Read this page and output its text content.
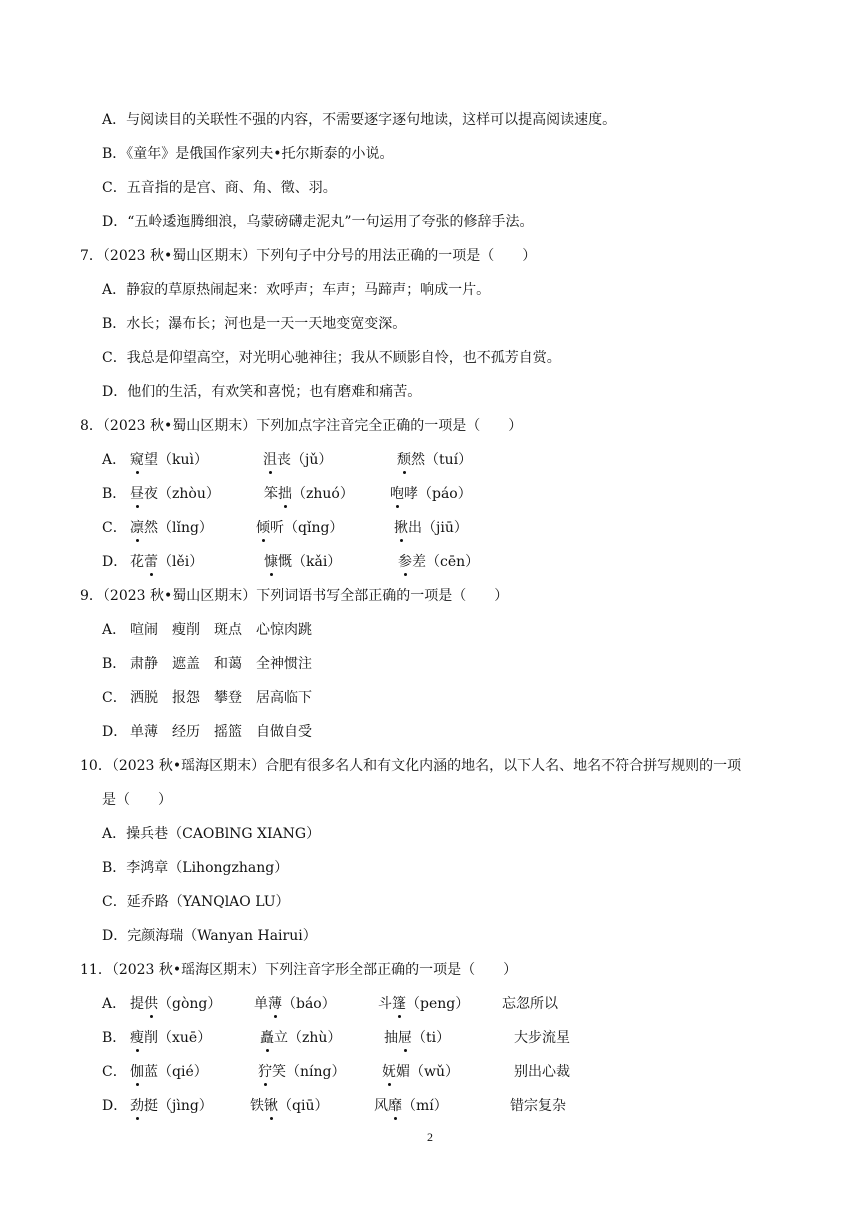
A．与阅读目的关联性不强的内容，不需要逐字逐句地读，这样可以提高阅读速度。
B．《童年》是俄国作家列夫•托尔斯泰的小说。
C．五音指的是宫、商、角、徵、羽。
D．“五岭逶迤腾细浪，乌蒙磅礴走泥丸”一句运用了夸张的修辞手法。
7．（2023 秋•蜀山区期末）下列句子中分号的用法正确的一项是（　　）
A．静寂的草原热闹起来：欢呼声；车声；马蹄声；响成一片。
B．水长；瀑布长；河也是一天一天地变宽变深。
C．我总是仰望高空，对光明心驰神往；我从不顾影自怜，也不孤芳自赏。
D．他们的生活，有欢笑和喜悦；也有磨难和痛苦。
8．（2023 秋•蜀山区期末）下列加点字注音完全正确的一项是（　　）
A． 窥望（kuì）	沮丧（jǔ）	颓然（tuí）
B． 昼夜（zhòu）	笨拙（zhuó）	咆哮（páo）
C． 凛然（lǐng）	倾听（qǐng）	揪出（jiū）
D． 花蕾（lěi）	慷慨（kǎi）	参差（cēn）
9．（2023 秋•蜀山区期末）下列词语书写全部正确的一项是（　　）
A． 喧闹 瘦削 斑点 心惊肉跳
B． 肃静 遮盖 和蔼 全神惯注
C． 洒脱 报怨 攀登 居高临下
D． 单薄 经历 摇篮 自做自受
10．（2023 秋•瑶海区期末）合肥有很多名人和有文化内涵的地名，以下人名、地名不符合拼写规则的一项
是（　　）
A．操兵巷（CAOBlNG XIANG）
B．李鸿章（Lihongzhang）
C．延乔路（YANQlAO LU）
D．完颜海瑞（Wanyan Hairui）
11．（2023 秋•瑶海区期末）下列注音字形全部正确的一项是（　　）
A． 提供（gòng） 单薄（báo）	斗篷（peng） 忘忽所以
B． 瘦削（xuē）	矗立（zhù）	抽屉（ti）	大步流星
C． 伽蓝（qié）	狞笑（níng）	妩媚（wǔ）	别出心裁
D． 劲挺（jìng）	铁锹（qiū）	风靡（mí）	错宗复杂
2
